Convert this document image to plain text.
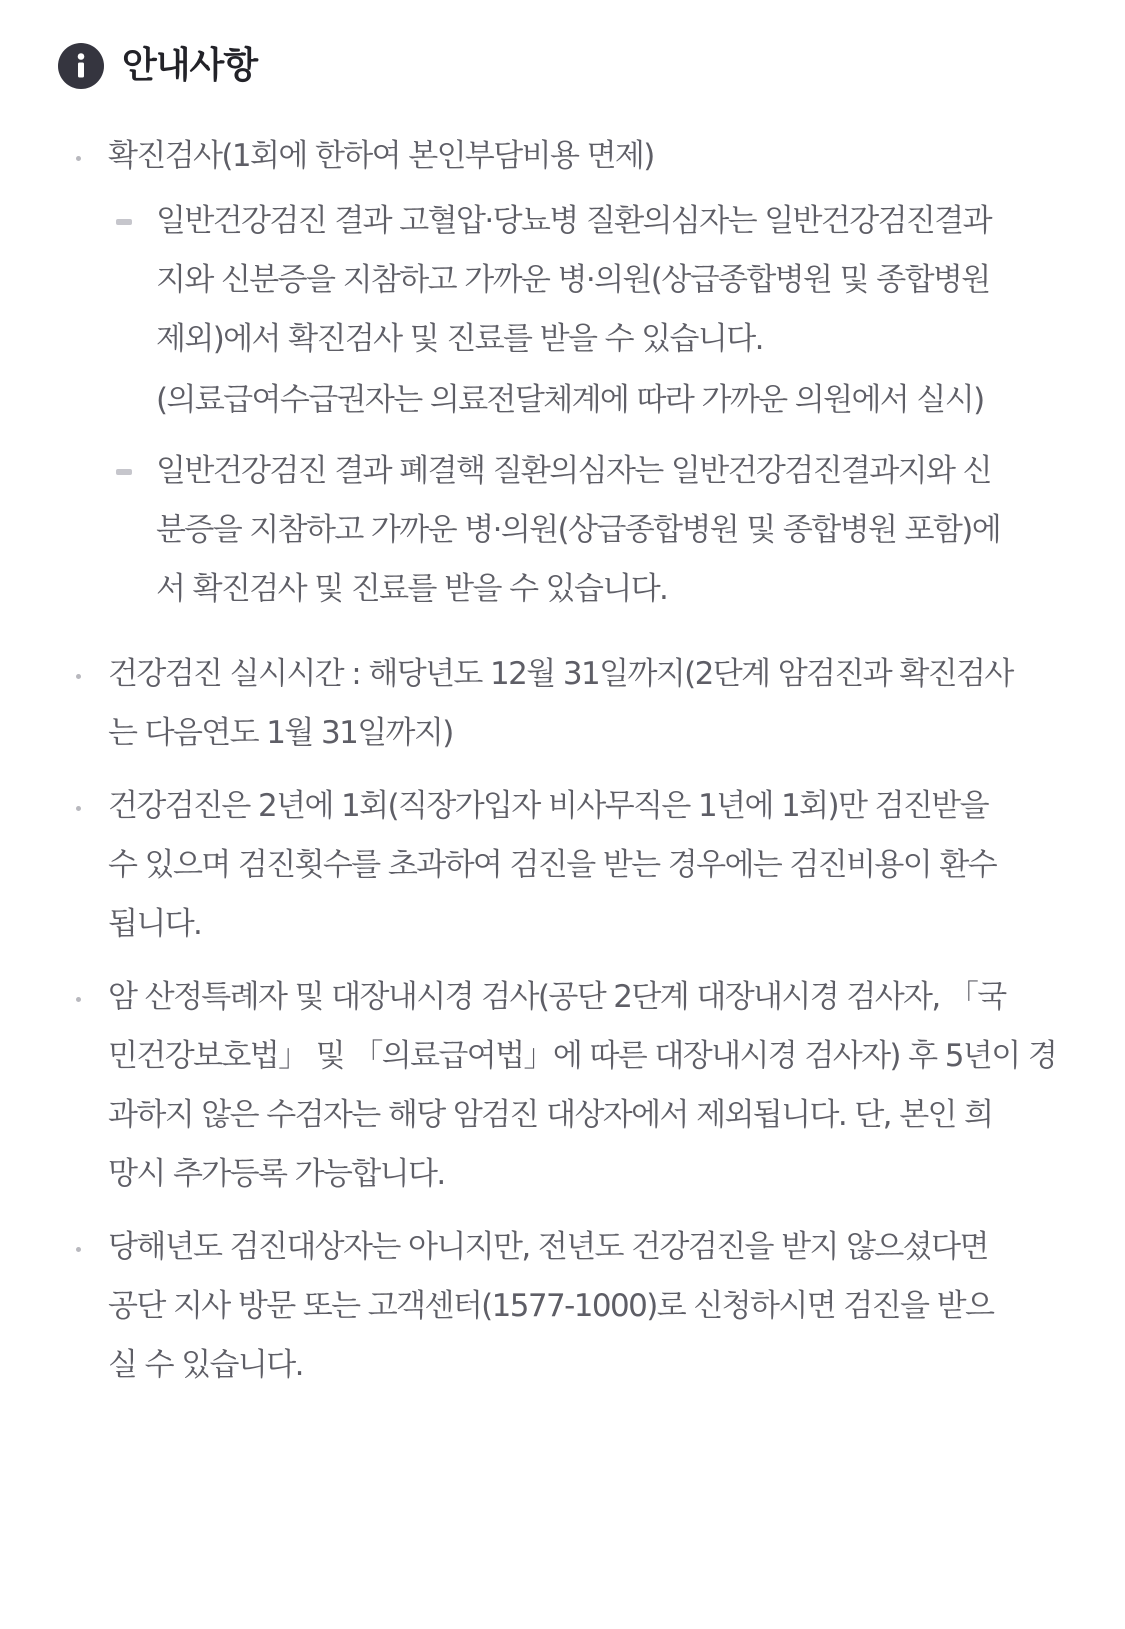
안내사항
확진검사(1회에 한하여 본인부담비용 면제)
일반건강검진 결과 고혈압·당뇨병 질환의심자는 일반건강검진결과
지와 신분증을 지참하고 가까운 병·의원(상급종합병원 및 종합병원
제외)에서 확진검사 및 진료를 받을 수 있습니다.
(의료급여수급권자는 의료전달체계에 따라 가까운 의원에서 실시)
일반건강검진 결과 폐결핵 질환의심자는 일반건강검진결과지와 신
분증을 지참하고 가까운 병·의원(상급종합병원 및 종합병원 포함)에
서 확진검사 및 진료를 받을 수 있습니다.
건강검진 실시시간 : 해당년도 12월 31일까지(2단계 암검진과 확진검사
는 다음연도 1월 31일까지)
건강검진은 2년에 1회(직장가입자 비사무직은 1년에 1회)만 검진받을
수 있으며 검진횟수를 초과하여 검진을 받는 경우에는 검진비용이 환수
됩니다.
암 산정특례자 및 대장내시경 검사(공단 2단계 대장내시경 검사자, 「국
민건강보호법」 및 「의료급여법」에 따른 대장내시경 검사자) 후 5년이 경
과하지 않은 수검자는 해당 암검진 대상자에서 제외됩니다. 단, 본인 희
망시 추가등록 가능합니다.
당해년도 검진대상자는 아니지만, 전년도 건강검진을 받지 않으셨다면
공단 지사 방문 또는 고객센터(1577-1000)로 신청하시면 검진을 받으
실 수 있습니다.
